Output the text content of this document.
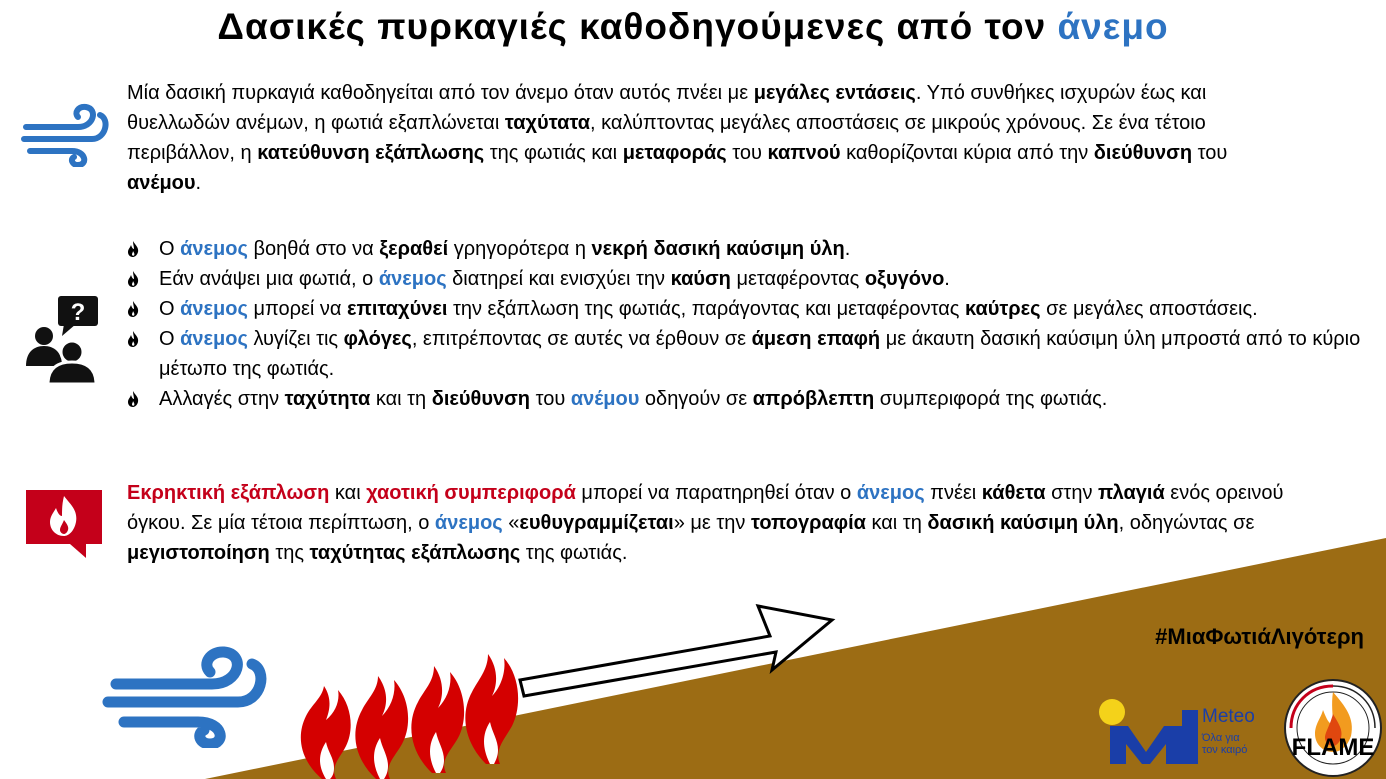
Δασικές πυρκαγιές καθοδηγούμενες από τον άνεμο
Μία δασική πυρκαγιά καθοδηγείται από τον άνεμο όταν αυτός πνέει με μεγάλες εντάσεις. Υπό συνθήκες ισχυρών έως και θυελλωδών ανέμων, η φωτιά εξαπλώνεται ταχύτατα, καλύπτοντας μεγάλες αποστάσεις σε μικρούς χρόνους. Σε ένα τέτοιο περιβάλλον, η κατεύθυνση εξάπλωσης της φωτιάς και μεταφοράς του καπνού καθορίζονται κύρια από την διεύθυνση του ανέμου.
?
Ο άνεμος βοηθά στο να ξεραθεί γρηγορότερα η νεκρή δασική καύσιμη ύλη.
Εάν ανάψει μια φωτιά, ο άνεμος διατηρεί και ενισχύει την καύση μεταφέροντας οξυγόνο.
Ο άνεμος μπορεί να επιταχύνει την εξάπλωση της φωτιάς, παράγοντας και μεταφέροντας καύτρες σε μεγάλες αποστάσεις.
Ο άνεμος λυγίζει τις φλόγες, επιτρέποντας σε αυτές να έρθουν σε άμεση επαφή με άκαυτη δασική καύσιμη ύλη μπροστά από το κύριο μέτωπο της φωτιάς.
Αλλαγές στην ταχύτητα και τη διεύθυνση του ανέμου οδηγούν σε απρόβλεπτη συμπεριφορά της φωτιάς.
Εκρηκτική εξάπλωση και χαοτική συμπεριφορά μπορεί να παρατηρηθεί όταν ο άνεμος πνέει κάθετα στην πλαγιά ενός ορεινού όγκου. Σε μία τέτοια περίπτωση, ο άνεμος «ευθυγραμμίζεται» με την τοπογραφία και τη δασική καύσιμη ύλη, οδηγώντας σε μεγιστοποίηση της ταχύτητας εξάπλωσης της φωτιάς.
#ΜιαΦωτιάΛιγότερη
Meteo
Όλα για
τον καιρό FLAME
